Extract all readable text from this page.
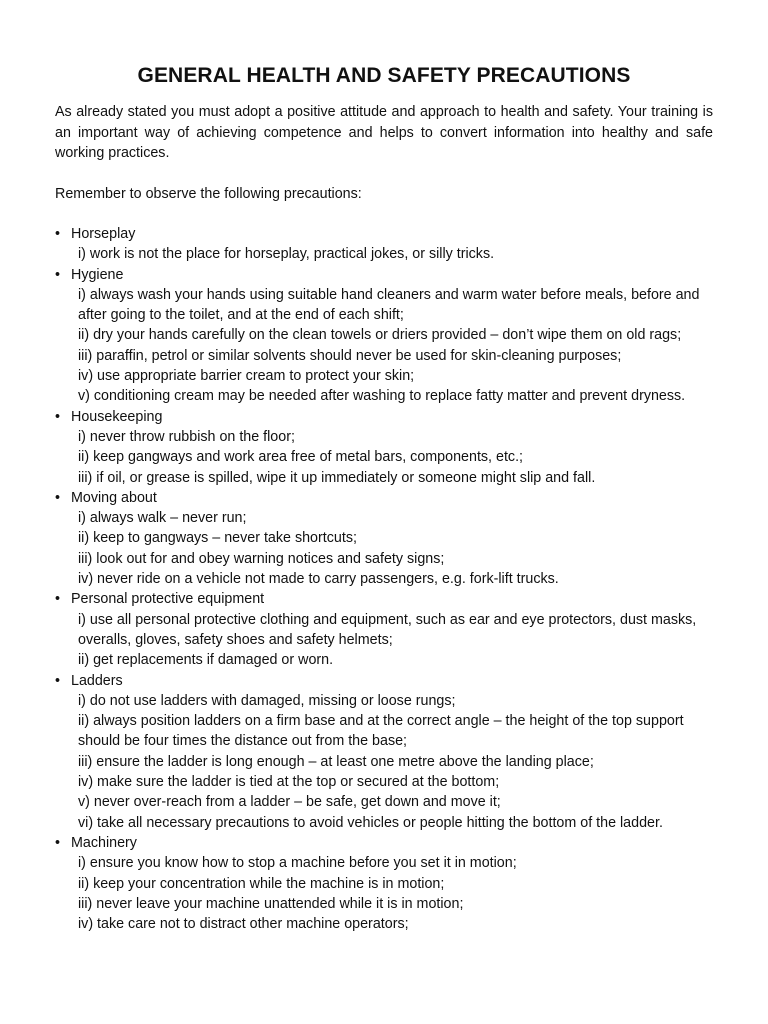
GENERAL HEALTH AND SAFETY PRECAUTIONS

As already stated you must adopt a positive attitude and approach to health and safety. Your training is an important way of achieving competence and helps to convert information into healthy and safe working practices.

Remember to observe the following precautions:

• Horseplay
i) work is not the place for horseplay, practical jokes, or silly tricks.
• Hygiene
i) always wash your hands using suitable hand cleaners and warm water before meals, before and after going to the toilet, and at the end of each shift;
ii) dry your hands carefully on the clean towels or driers provided – don’t wipe them on old rags;
iii) paraffin, petrol or similar solvents should never be used for skin-cleaning purposes;
iv) use appropriate barrier cream to protect your skin;
v) conditioning cream may be needed after washing to replace fatty matter and prevent dryness.
• Housekeeping
i) never throw rubbish on the floor;
ii) keep gangways and work area free of metal bars, components, etc.;
iii) if oil, or grease is spilled, wipe it up immediately or someone might slip and fall.
• Moving about
i) always walk – never run;
ii) keep to gangways – never take shortcuts;
iii) look out for and obey warning notices and safety signs;
iv) never ride on a vehicle not made to carry passengers, e.g. fork-lift trucks.
• Personal protective equipment
i) use all personal protective clothing and equipment, such as ear and eye protectors, dust masks, overalls, gloves, safety shoes and safety helmets;
ii) get replacements if damaged or worn.
• Ladders
i) do not use ladders with damaged, missing or loose rungs;
ii) always position ladders on a firm base and at the correct angle – the height of the top support should be four times the distance out from the base;
iii) ensure the ladder is long enough – at least one metre above the landing place;
iv) make sure the ladder is tied at the top or secured at the bottom;
v) never over-reach from a ladder – be safe, get down and move it;
vi) take all necessary precautions to avoid vehicles or people hitting the bottom of the ladder.
• Machinery
i) ensure you know how to stop a machine before you set it in motion;
ii) keep your concentration while the machine is in motion;
iii) never leave your machine unattended while it is in motion;
iv) take care not to distract other machine operators;
